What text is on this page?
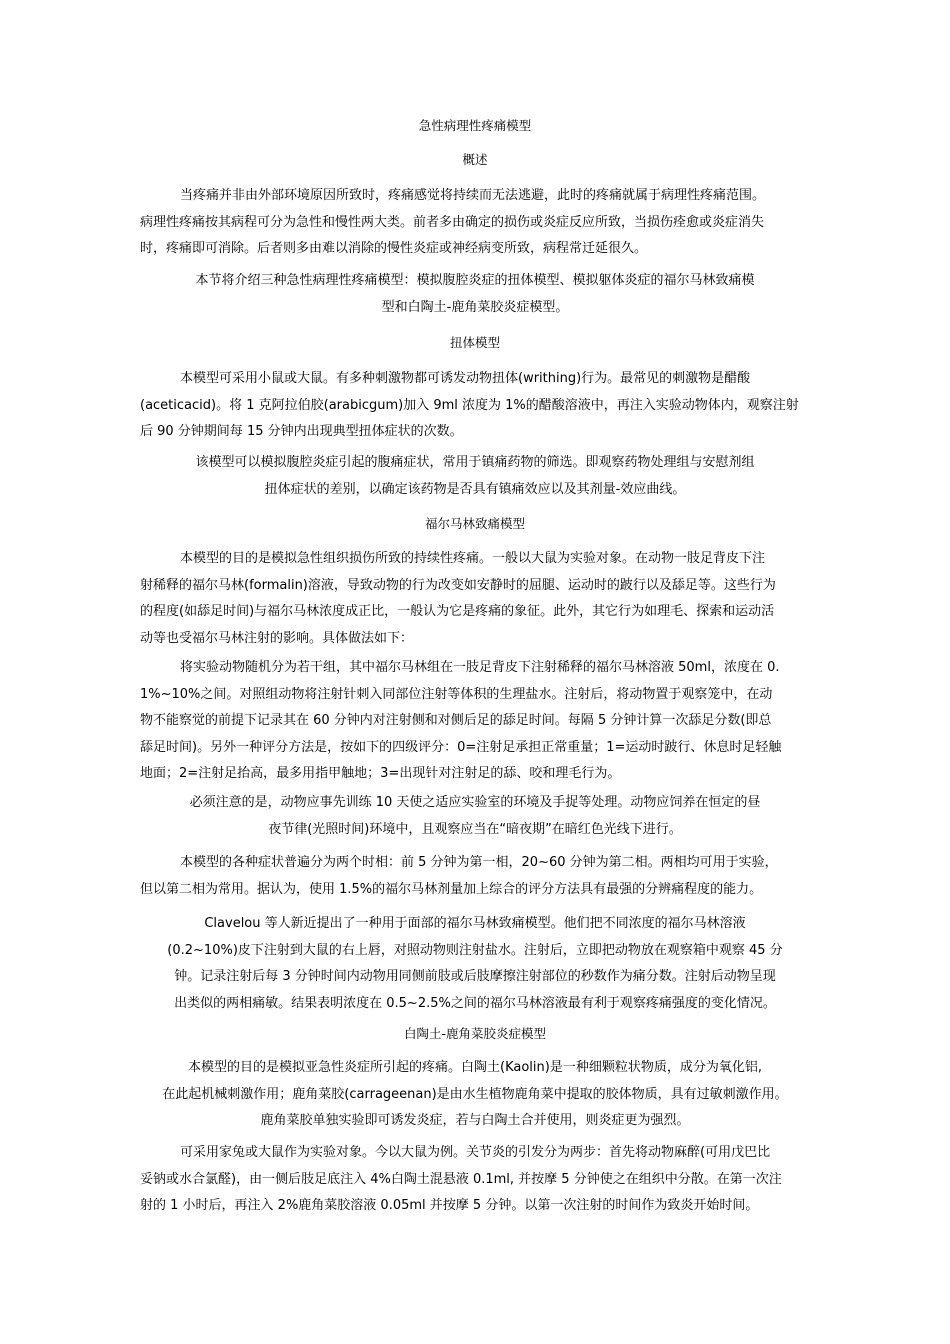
急性病理性疼痛模型
概述
当疼痛并非由外部环境原因所致时，疼痛感觉将持续而无法逃避，此时的疼痛就属于病理性疼痛范围。
病理性疼痛按其病程可分为急性和慢性两大类。前者多由确定的损伤或炎症反应所致，当损伤痊愈或炎症消失
时，疼痛即可消除。后者则多由难以消除的慢性炎症或神经病变所致，病程常迁延很久。
本节将介绍三种急性病理性疼痛模型：模拟腹腔炎症的扭体模型、模拟躯体炎症的福尔马林致痛模
型和白陶土-鹿角菜胶炎症模型。
扭体模型
本模型可采用小鼠或大鼠。有多种刺激物都可诱发动物扭体(writhing)行为。最常见的刺激物是醋酸
(aceticacid)。将 1 克阿拉伯胶(arabicgum)加入 9ml 浓度为 1%的醋酸溶液中，再注入实验动物体内，观察注射
后 90 分钟期间每 15 分钟内出现典型扭体症状的次数。
该模型可以模拟腹腔炎症引起的腹痛症状，常用于镇痛药物的筛选。即观察药物处理组与安慰剂组
扭体症状的差别，以确定该药物是否具有镇痛效应以及其剂量-效应曲线。
福尔马林致痛模型
本模型的目的是模拟急性组织损伤所致的持续性疼痛。一般以大鼠为实验对象。在动物一肢足背皮下注
射稀释的福尔马林(formalin)溶液，导致动物的行为改变如安静时的屈腿、运动时的跛行以及舔足等。这些行为
的程度(如舔足时间)与福尔马林浓度成正比，一般认为它是疼痛的象征。此外，其它行为如理毛、探索和运动活
动等也受福尔马林注射的影响。具体做法如下：
将实验动物随机分为若干组，其中福尔马林组在一肢足背皮下注射稀释的福尔马林溶液 50ml，浓度在 0.
1%~10%之间。对照组动物将注射针刺入同部位注射等体积的生理盐水。注射后，将动物置于观察笼中，在动
物不能察觉的前提下记录其在 60 分钟内对注射侧和对侧后足的舔足时间。每隔 5 分钟计算一次舔足分数(即总
舔足时间)。另外一种评分方法是，按如下的四级评分：0=注射足承担正常重量；1=运动时跛行、休息时足轻触
地面；2=注射足抬高，最多用指甲触地；3=出现针对注射足的舔、咬和理毛行为。
必须注意的是，动物应事先训练 10 天使之适应实验室的环境及手捉等处理。动物应饲养在恒定的昼
夜节律(光照时间)环境中，且观察应当在“暗夜期”在暗红色光线下进行。
本模型的各种症状普遍分为两个时相：前 5 分钟为第一相，20~60 分钟为第二相。两相均可用于实验，
但以第二相为常用。据认为，使用 1.5%的福尔马林剂量加上综合的评分方法具有最强的分辨痛程度的能力。
Clavelou 等人新近提出了一种用于面部的福尔马林致痛模型。他们把不同浓度的福尔马林溶液
(0.2~10%)皮下注射到大鼠的右上唇，对照动物则注射盐水。注射后，立即把动物放在观察箱中观察 45 分
钟。记录注射后每 3 分钟时间内动物用同侧前肢或后肢摩擦注射部位的秒数作为痛分数。注射后动物呈现
出类似的两相痛敏。结果表明浓度在 0.5~2.5%之间的福尔马林溶液最有利于观察疼痛强度的变化情况。
白陶土-鹿角菜胶炎症模型
本模型的目的是模拟亚急性炎症所引起的疼痛。白陶土(Kaolin)是一种细颗粒状物质，成分为氧化铝,
在此起机械刺激作用；鹿角菜胶(carrageenan)是由水生植物鹿角菜中提取的胶体物质，具有过敏刺激作用。
鹿角菜胶单独实验即可诱发炎症，若与白陶土合并使用，则炎症更为强烈。
可采用家兔或大鼠作为实验对象。今以大鼠为例。关节炎的引发分为两步：首先将动物麻醉(可用戊巴比
妥钠或水合氯醛)，由一侧后肢足底注入 4%白陶土混悬液 0.1ml, 并按摩 5 分钟使之在组织中分散。在第一次注
射的 1 小时后，再注入 2%鹿角菜胶溶液 0.05ml 并按摩 5 分钟。以第一次注射的时间作为致炎开始时间。
